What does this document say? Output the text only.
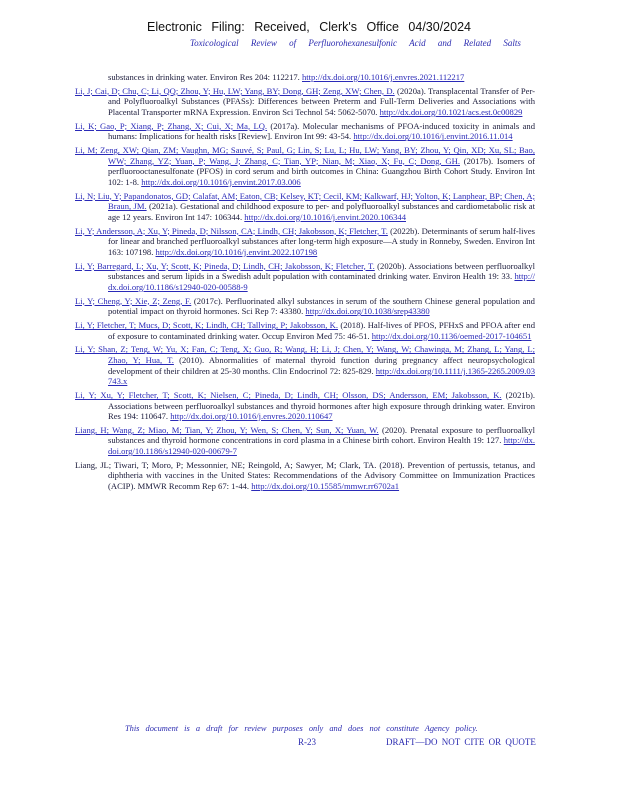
Electronic Filing: Received, Clerk's Office 04/30/2024
Toxicological Review of Perfluorohexanesulfonic Acid and Related Salts

substances in drinking water. Environ Res 204: 112217. http://dx.doi.org/10.1016/j.envres.2021.112217

Li, J; Cai, D; Chu, C; Li, QQ; Zhou, Y; Hu, LW; Yang, BY; Dong, GH; Zeng, XW; Chen, D. (2020a). Transplacental Transfer of Per- and Polyfluoroalkyl Substances (PFASs): Differences between Preterm and Full-Term Deliveries and Associations with Placental Transporter mRNA Expression. Environ Sci Technol 54: 5062-5070. http://dx.doi.org/10.1021/acs.est.0c00829

Li, K; Gao, P; Xiang, P; Zhang, X; Cui, X; Ma, LQ. (2017a). Molecular mechanisms of PFOA-induced toxicity in animals and humans: Implications for health risks [Review]. Environ Int 99: 43-54. http://dx.doi.org/10.1016/j.envint.2016.11.014

Li, M; Zeng, XW; Qian, ZM; Vaughn, MG; Sauvé, S; Paul, G; Lin, S; Lu, L; Hu, LW; Yang, BY; Zhou, Y; Qin, XD; Xu, SL; Bao, WW; Zhang, YZ; Yuan, P; Wang, J; Zhang, C; Tian, YP; Nian, M; Xiao, X; Fu, C; Dong, GH. (2017b). Isomers of perfluorooctanesulfonate (PFOS) in cord serum and birth outcomes in China: Guangzhou Birth Cohort Study. Environ Int 102: 1-8. http://dx.doi.org/10.1016/j.envint.2017.03.006

Li, N; Liu, Y; Papandonatos, GD; Calafat, AM; Eaton, CB; Kelsey, KT; Cecil, KM; Kalkwarf, HJ; Yolton, K; Lanphear, BP; Chen, A; Braun, JM. (2021a). Gestational and childhood exposure to per- and polyfluoroalkyl substances and cardiometabolic risk at age 12 years. Environ Int 147: 106344. http://dx.doi.org/10.1016/j.envint.2020.106344

Li, Y; Andersson, A; Xu, Y; Pineda, D; Nilsson, CA; Lindh, CH; Jakobsson, K; Fletcher, T. (2022b). Determinants of serum half-lives for linear and branched perfluoroalkyl substances after long-term high exposure—A study in Ronneby, Sweden. Environ Int 163: 107198. http://dx.doi.org/10.1016/j.envint.2022.107198

Li, Y; Barregard, L; Xu, Y; Scott, K; Pineda, D; Lindh, CH; Jakobsson, K; Fletcher, T. (2020b). Associations between perfluoroalkyl substances and serum lipids in a Swedish adult population with contaminated drinking water. Environ Health 19: 33. http://dx.doi.org/10.1186/s12940-020-00588-9

Li, Y; Cheng, Y; Xie, Z; Zeng, F. (2017c). Perfluorinated alkyl substances in serum of the southern Chinese general population and potential impact on thyroid hormones. Sci Rep 7: 43380. http://dx.doi.org/10.1038/srep43380

Li, Y; Fletcher, T; Mucs, D; Scott, K; Lindh, CH; Tallving, P; Jakobsson, K. (2018). Half-lives of PFOS, PFHxS and PFOA after end of exposure to contaminated drinking water. Occup Environ Med 75: 46-51. http://dx.doi.org/10.1136/oemed-2017-104651

Li, Y; Shan, Z; Teng, W; Yu, X; Fan, C; Teng, X; Guo, R; Wang, H; Li, J; Chen, Y; Wang, W; Chawinga, M; Zhang, L; Yang, L; Zhao, Y; Hua, T. (2010). Abnormalities of maternal thyroid function during pregnancy affect neuropsychological development of their children at 25-30 months. Clin Endocrinol 72: 825-829. http://dx.doi.org/10.1111/j.1365-2265.2009.03743.x

Li, Y; Xu, Y; Fletcher, T; Scott, K; Nielsen, C; Pineda, D; Lindh, CH; Olsson, DS; Andersson, EM; Jakobsson, K. (2021b). Associations between perfluoroalkyl substances and thyroid hormones after high exposure through drinking water. Environ Res 194: 110647. http://dx.doi.org/10.1016/j.envres.2020.110647

Liang, H; Wang, Z; Miao, M; Tian, Y; Zhou, Y; Wen, S; Chen, Y; Sun, X; Yuan, W. (2020). Prenatal exposure to perfluoroalkyl substances and thyroid hormone concentrations in cord plasma in a Chinese birth cohort. Environ Health 19: 127. http://dx.doi.org/10.1186/s12940-020-00679-7

Liang, JL; Tiwari, T; Moro, P; Messonnier, NE; Reingold, A; Sawyer, M; Clark, TA. (2018). Prevention of pertussis, tetanus, and diphtheria with vaccines in the United States: Recommendations of the Advisory Committee on Immunization Practices (ACIP). MMWR Recomm Rep 67: 1-44. http://dx.doi.org/10.15585/mmwr.rr6702a1

This document is a draft for review purposes only and does not constitute Agency policy.
R-23	DRAFT—DO NOT CITE OR QUOTE
